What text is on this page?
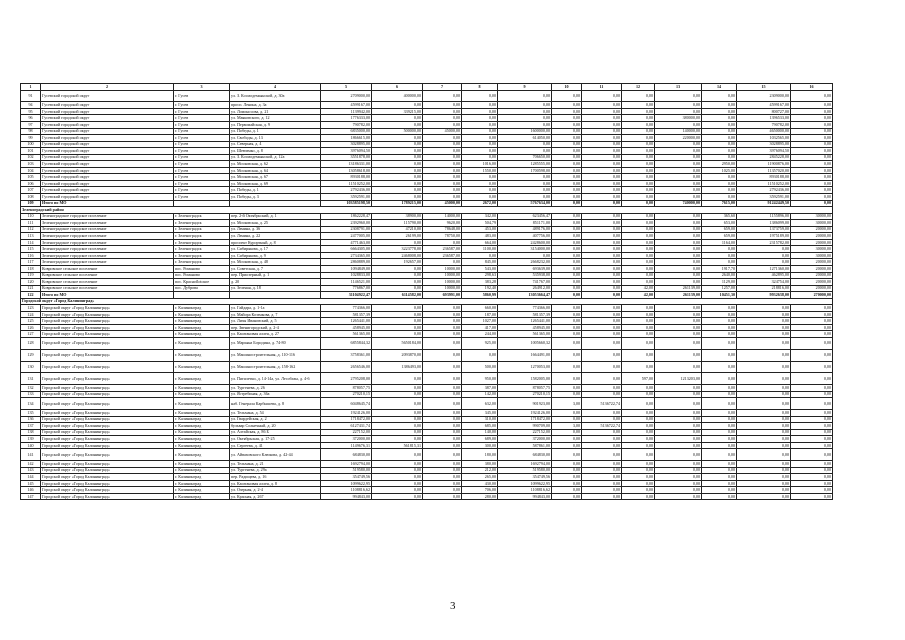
1	2	3	4	5	6	7	8	9	10	11	12	13	14	15	16
91	Гусевский городской округ	г. Гусев	ул. З. Космодемьянской, д. 30а	2709000,00	400000,00	0,00	0,00	0,00	0,00	0,00	0,00	0,00	0,00	2309000,00	0,00
94	Гусевский городской округ	г. Гусев	просп. Ленина, д. 3а	4599167,00	0,00	0,00	0,00	0,00	0,00	0,00	0,00	0,00	0,00	4599167,00	0,00
95	Гусевский городской округ	г. Гусев	ул. Ломоносова, д. 21	1139942,00	339215,00	0,00	0,00	0,00	0,00	0,00	0,00	0,00	0,00	800727,00	0,00
96	Гусевский городской округ	г. Гусев	ул. Маяковского, д. 12	1776333,00	0,00	0,00	0,00	0,00	0,00	0,00	0,00	380000,00	0,00	1396533,00	0,00
97	Гусевский городской округ	г. Гусев	ул. Первомайская, д. 9	790782,00	0,00	0,00	0,00	0,00	0,00	0,00	0,00	0,00	0,00	790782,00	0,00
98	Гусевский городской округ	г. Гусев	ул. Победы, д. 1	6835000,00	500000,00	45000,00	0,00	1600000,00	0,00	0,00	0,00	140000,00	0,00	4650000,00	0,00
99	Гусевский городской округ	г. Гусев	ул. Свободы, д. 13	1866615,00	0,00	0,00	0,00	614050,00	0,00	0,00	0,00	220000,00	0,00	1032565,00	0,00
100	Гусевский городской округ	г. Гусев	ул. Северная, д. 4	3028895,00	0,00	0,00	0,00	0,00	0,00	0,00	0,00	0,00	0,00	3028895,00	0,00
101	Гусевский городской округ	г. Гусев	ул. Шевченко, д. 8	3976094,50	0,00	0,00	0,00	0,00	0,00	0,00	0,00	0,00	0,00	3976094,50	0,00
102	Гусевский городской округ	г. Гусев	ул. З. Космодемьянской, д. 12а	3551878,00	0,00	0,00	0,00	706650,00	0,00	0,00	0,00	0,00	0,00	2845228,00	0,00
103	Гусевский городской округ	г. Гусев	ул. Московская, д. 62	13186331,00	0,00	0,00	1016,00	1285555,00	0,00	0,00	0,00	0,00	2950,00	11900876,00	0,00
104	Гусевский городской округ	г. Гусев	ул. Московская, д. 64	13058618,00	0,00	0,00	1550,00	1700598,00	0,00	0,00	0,00	0,00	1025,00	11357020,00	0,00
105	Гусевский городской округ	г. Гусев	ул. Московская, д. 67	8930188,00	0,00	0,00	0,00	0,00	0,00	0,00	0,00	0,00	0,00	8930188,00	0,00
106	Гусевский городской округ	г. Гусев	ул. Московская, д. 69	11510252,00	0,00	0,00	0,00	0,00	0,00	0,00	0,00	0,00	0,00	11510252,00	0,00
107	Гусевский городской округ	г. Гусев	ул. Победы, д. 1	2792436,00	0,00	0,00	0,00	0,00	0,00	0,00	0,00	0,00	0,00	2792436,00	0,00
108	Гусевский городской округ	г. Гусев	ул. Победы, д. 3	3592591,00	0,00	0,00	0,00	0,00	0,00	0,00	0,00	0,00	0,00	3592591,00	0,00
109	Итого по МО			103585198,50	1789215,00	45000,00	2672,00	5767634,00	0,00	0,00	0,00	740000,00	7615,00	91242449,50	0,00
Зеленоградский район															
110	Зеленоградское городское поселение	г. Зеленоградск	пер. 2-й Октябрьский, д. 1	1862228,47	38900,00	14000,00	342,00	623456,47	0,00	0,00	0,00	0,00	365,60	1155896,00	30000,00
111	Зеленоградское городское поселение	г. Зеленоградск	ул. Московская, д. 25	2392960,00	115790,00	9620,00	504,79	851171,00	0,00	0,00	0,00	0,00	653,00	1386099,00	30000,00
112	Зеленоградское городское поселение	г. Зеленоградск	ул. Ленина, д. 36	2308791,00	47210,00	78648,00	453,00	489176,00	0,00	0,00	0,00	0,00	659,00	1373759,00	20000,00
113	Зеленоградское городское поселение	г. Зеленоградск	ул. Ленина, д. 22	2477005,00	26199,00	78750,00	483,00	407756,00	0,00	0,00	0,00	0,00	659,00	1975189,00	20000,00
114	Зеленоградское городское поселение	г. Зеленоградск	проспект Курортный, д. 8	4771463,00	0,00	0,00	664,00	2428600,00	0,00	0,00	0,00	0,00	1164,00	2315782,00	20000,00
115	Зеленоградское городское поселение	г. Зеленоградск	ул. Сибирякова, д. 17	6664305,00	3223778,00	236587,00	1100,00	3154000,00	0,00	0,00	0,00	0,00	0,00	0,00	30000,00
116	Зеленоградское городское поселение	г. Зеленоградск	ул. Сибирякова, д. 9	2734365,00	2468008,00	236587,00	0,00	0,00	0,00	0,00	0,00	0,00	0,00	0,00	30000,00
117	Зеленоградское городское поселение	г. Зеленоградск	ул. Московская, д. 48	2860889,00	192657,00	0,00	845,00	2668232,00	0,00	0,00	0,00	0,00	0,00	0,00	20000,00
118	Ковровское сельское поселение	пос. Романово	ул. Советская, д. 7	1094849,00	0,00	10000,00	543,00	693639,00	0,00	0,00	0,00	0,00	1917,70	1271360,00	20000,00
119	Ковровское сельское поселение	пос. Романово	пер. Приозерный, д. 1	1028833,00	0,00	10000,00	298,63	535938,00	0,00	0,00	0,00	0,00	2640,00	462895,00	20000,00
120	Ковровское сельское поселение	пос. Красноflotское	д. 20	1146521,00	0,00	10000,00	383,28	741767,00	0,00	0,00	0,00	0,00	1129,00	324754,00	20000,00
121	Ковровское сельское поселение	пос. Дуброва	ул. Зеленая, д. 18	776867,00	0,00	10000,00	192,40	264912,00	0,00	0,00	42,00	261139,00	1257,00	218816,00	20000,00
122	Итого по МО			31104922,47	6114582,00	693991,00	5860,99	13053664,47	0,00	0,00	42,00	261139,00	10451,30	9932638,00	270000,00
Городской округ «Город Калининград»															
123	Городской округ «Город Калининград»	г. Калининград	ул. Гайдара, д. 1-1а	774366,00	0,00	0,00	660,00	774366,00	0,00	0,00	0,00	0,00	0,00	0,00	0,00
124	Городской округ «Город Калининград»	г. Калининград	ул. Майора Козенкова, д. 7	581357,39	0,00	0,00	187,00	581357,39	0,00	0,00	0,00	0,00	0,00	0,00	0,00
125	Городской округ «Город Калининград»	г. Калининград	ул. Лизы Ивановский, д. 5	1265441,00	0,00	0,00	1027,00	1265441,00	0,00	0,00	0,00	0,00	0,00	0,00	0,00
126	Городской округ «Город Калининград»	г. Калининград	пер. Звенигородский, д. 2-4	458945,00	0,00	0,00	417,00	458945,00	0,00	0,00	0,00	0,00	0,00	0,00	0,00
127	Городской округ «Город Калининград»	г. Калининград	ул. Каштановая аллея, д. 27	561365,00	0,00	0,00	244,00	561365,00	0,00	0,00	0,00	0,00	0,00	0,00	0,00
128	Городской округ «Город Калининград»	г. Калининград	ул. Марьяна Бородина, д. 74-80	6855844,32	5650184,00	0,00	925,00	1005660,32	0,00	0,00	0,00	0,00	0,00	0,00	0,00
129	Городской округ «Город Калининград»	г. Калининград	ул. Машиностроительная, д. 110-116	3758361,00	2093870,00	0,00	0,00	1664491,00	0,00	0,00	0,00	0,00	0,00	0,00	0,00
130	Городской округ «Город Калининград»	г. Калининград	ул. Машиностроительная, д. 158-162	2656546,00	1386493,00	0,00	500,00	1270053,00	0,00	0,00	0,00	0,00	0,00	0,00	0,00
131	Городской округ «Город Калининград»	г. Калининград	ул. Пятилетки, д. 14-14а, ул. Лесобазы, д. 4-6	2795208,00	0,00	0,00	950,00	1582005,00	0,00	0,00	597,00	1213203,00	0,00	0,00	0,00
132	Городской округ «Город Калининград»	г. Калининград	ул. Тургенева, д. 26	878057,75	0,00	0,00	387,00	878057,75	0,00	0,00	0,00	0,00	0,00	0,00	0,00
133	Городской округ «Город Калининград»	г. Калининград	ул. Ястребиная, д. 36а	270210,15	0,00	0,00	142,00	270210,15	0,00	0,00	0,00	0,00	0,00	0,00	0,00
134	Городской округ «Город Калининград»	г. Калининград	наб. Генерала Карбышева, д. 8	6048645,74	0,00	0,00	632,00	901923,00	3,00	5136722,74	0,00	0,00	0,00	0,00	0,00
135	Городской округ «Город Калининград»	г. Калининград	ул. Тельмана, д. 54	1924126,00	0,00	0,00	345,00	1924126,00	0,00	0,00	0,00	0,00	0,00	0,00	0,00
136	Городской округ «Город Калининград»	г. Калининград	ул. Гвардейская, д. 2	1718472,00	0,00	0,00	310,00	1718472,00	0,00	0,00	0,00	0,00	0,00	0,00	0,00
137	Городской округ «Город Калининград»	г. Калининград	бульвар Солнечный, д. 20	6127431,74	0,00	0,00	685,00	990709,00	3,00	5136722,74	0,00	0,00	0,00	0,00	0,00
138	Городской округ «Город Калининград»	г. Калининград	ул. Алтайская, д. 86 Б	227152,00	0,00	0,00	140,00	227152,00	0,00	0,00	0,00	0,00	0,00	0,00	0,00
139	Городской округ «Город Калининград»	г. Калининград	ул. Октябрьская, д. 17-25	372000,00	0,00	0,00	689,00	372000,00	0,00	0,00	0,00	0,00	0,00	0,00	0,00
140	Городской округ «Город Калининград»	г. Калининград	ул. Сергеева, д. 41	1149676,31	561815,31	0,00	300,00	587861,00	0,00	0,00	0,00	0,00	0,00	0,00	0,00
141	Городской округ «Город Калининград»	г. Калининград	ул. Айвазовского Клюкова, д. 42-44	684830,00	0,00	0,00	180,00	684830,00	0,00	0,00	0,00	0,00	0,00	0,00	0,00
142	Городской округ «Город Калининград»	г. Калининград	ул. Тельмана, д. 21	1692794,00	0,00	0,00	380,00	1692794,00	0,00	0,00	0,00	0,00	0,00	0,00	0,00
143	Городской округ «Город Калининград»	г. Калининград	ул. Тургенева, д. 29а	519580,00	0,00	0,00	212,00	519580,00	0,00	0,00	0,00	0,00	0,00	0,00	0,00
144	Городской округ «Город Калининград»	г. Калининград	пер. Радищева, д. 16	354749,56	0,00	0,00	265,00	354749,56	0,00	0,00	0,00	0,00	0,00	0,00	0,00
145	Городской округ «Город Калининград»	г. Калининград	ул. Каштановая аллея, д. 8	1099622,95	0,00	0,00	430,00	1099622,95	0,00	0,00	0,00	0,00	0,00	0,00	0,00
146	Городской округ «Город Калининград»	г. Калининград	ул. Озерная, д. 2-4	1108816,62	0,00	0,00	706,00	1108816,62	0,00	0,00	0,00	0,00	0,00	0,00	0,00
147	Городской округ «Город Калининград»	г. Калининград	ул. Красная, д. 267	994843,00	0,00	0,00	280,00	994843,00	0,00	0,00	0,00	0,00	0,00	0,00	0,00
3
